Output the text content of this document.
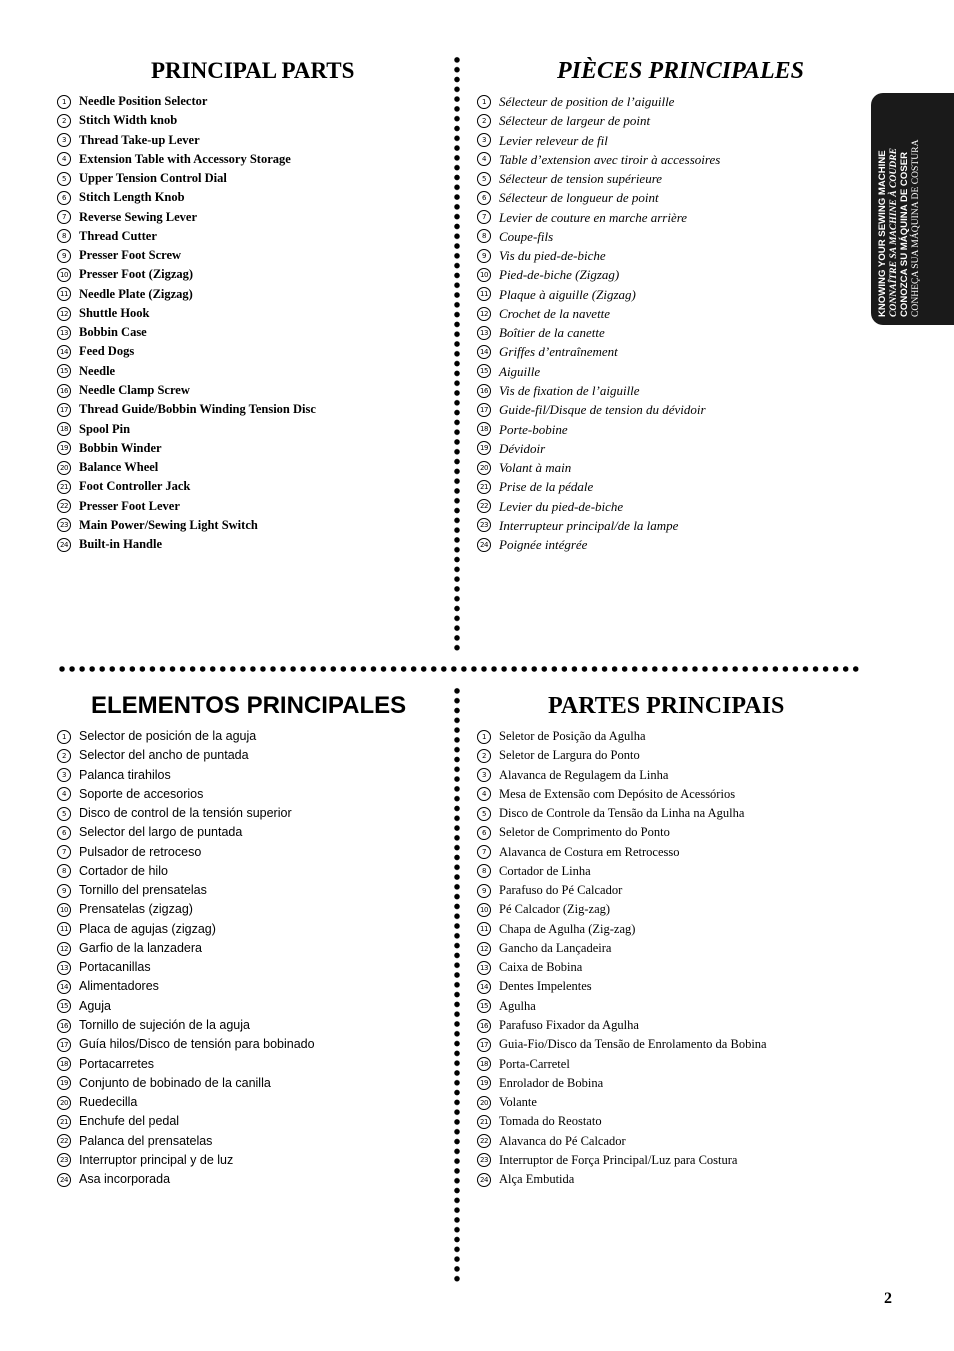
PRINCIPAL PARTS
1	Needle Position Selector
2	Stitch Width knob
3	Thread Take-up Lever
4	Extension Table with Accessory Storage
5	Upper Tension Control Dial
6	Stitch Length Knob
7	Reverse Sewing Lever
8	Thread Cutter
9	Presser Foot Screw
10 Presser Foot (Zigzag)
11 Needle Plate (Zigzag)
12 Shuttle Hook
13 Bobbin Case
14 Feed Dogs
15 Needle
16 Needle Clamp Screw
17 Thread Guide/Bobbin Winding Tension Disc
18 Spool Pin
19 Bobbin Winder
20 Balance Wheel
21 Foot Controller Jack
22 Presser Foot Lever
23 Main Power/Sewing Light Switch
24 Built-in Handle
PIÈCES PRINCIPALES
1	Sélecteur de position de l’aiguille
2	Sélecteur de largeur de point
3	Levier releveur de fil
4	Table d’extension avec tiroir à accessoires
5	Sélecteur de tension supérieure
6	Sélecteur de longueur de point
7	Levier de couture en marche arrière
8	Coupe-fils
9	Vis du pied-de-biche
10 Pied-de-biche (Zigzag)
11 Plaque à aiguille (Zigzag)
12 Crochet de la navette
13 Boîtier de la canette
14 Griffes d’entraînement
15 Aiguille
16 Vis de fixation de l’aiguille
17 Guide-fil/Disque de tension du dévidoir
18 Porte-bobine
19 Dévidoir
20 Volant à main
21 Prise de la pédale
22 Levier du pied-de-biche
23 Interrupteur principal/de la lampe
24 Poignée intégrée
ELEMENTOS PRINCIPALES
1	Selector de posición de la aguja
2	Selector del ancho de puntada
3	Palanca tirahilos
4	Soporte de accesorios
5	Disco de control de la tensión superior
6	Selector del largo de puntada
7	Pulsador de retroceso
8	Cortador de hilo
9	Tornillo del prensatelas
10 Prensatelas (zigzag)
11 Placa de agujas (zigzag)
12 Garfio de la lanzadera
13 Portacanillas
14 Alimentadores
15 Aguja
16 Tornillo de sujeción de la aguja
17 Guía hilos/Disco de tensión para bobinado
18 Portacarretes
19 Conjunto de bobinado de la canilla
20 Ruedecilla
21 Enchufe del pedal
22 Palanca del prensatelas
23 Interruptor principal y de luz
24 Asa incorporada
PARTES PRINCIPAIS
1	Seletor de Posição da Agulha
2	Seletor de Largura do Ponto
3	Alavanca de Regulagem da Linha
4	Mesa de Extensão com Depósito de Acessórios
5	Disco de Controle da Tensão da Linha na Agulha
6	Seletor de Comprimento do Ponto
7	Alavanca de Costura em Retrocesso
8	Cortador de Linha
9	Parafuso do Pé Calcador
10 Pé Calcador (Zig-zag)
11 Chapa de Agulha (Zig-zag)
12 Gancho da Lançadeira
13 Caixa de Bobina
14 Dentes Impelentes
15 Agulha
16 Parafuso Fixador da Agulha
17 Guia-Fio/Disco da Tensão de Enrolamento da Bobina
18 Porta-Carretel
19 Enrolador de Bobina
20 Volante
21 Tomada do Reostato
22 Alavanca do Pé Calcador
23 Interruptor de Força Principal/Luz para Costura
24 Alça Embutida
KNOWING YOUR SEWING MACHINE CONNAÎTRE SA MACHINE À COUDRE CONOZCA SU MÁQUINA DE COSER CONHEÇA SUA MÁQUINA DE COSTURA
2
